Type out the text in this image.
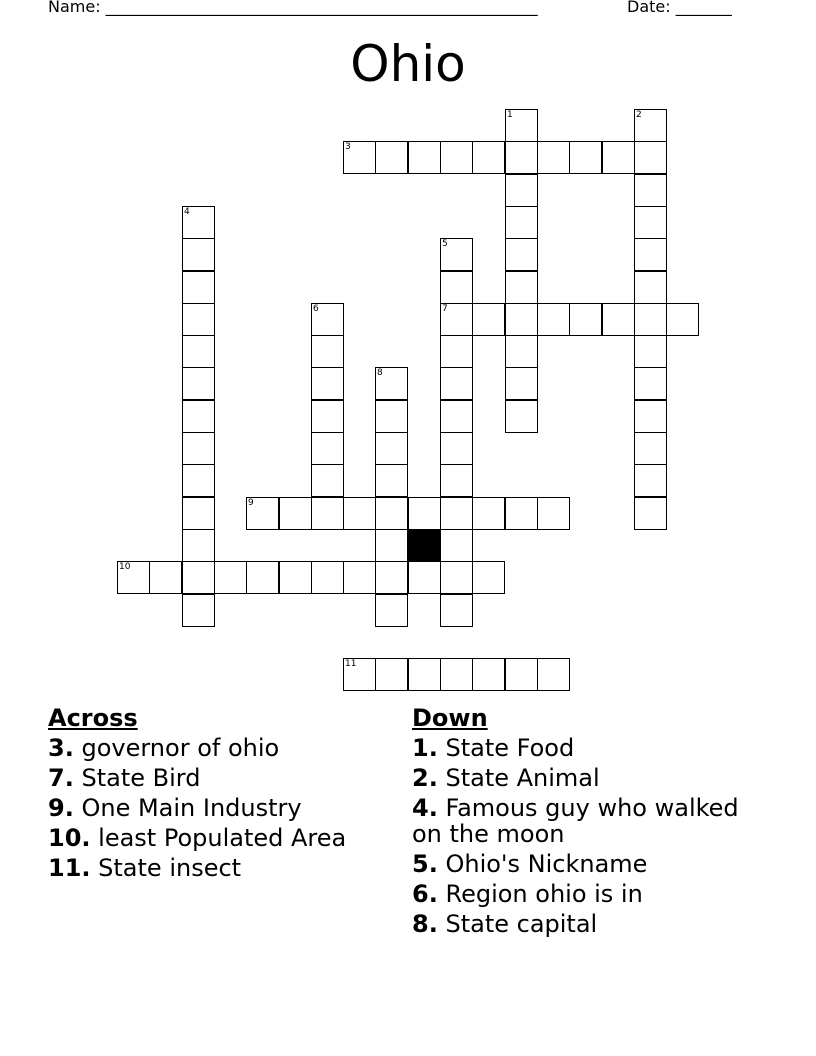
Name: ______________________________________________________	Date: _______
Ohio
1	2
3
4
5
7
6
8
9
10
11
Across
3. governor of ohio
7. State Bird
9. One Main Industry
10. least Populated Area
11. State insect
Down
1. State Food
2. State Animal
4. Famous guy who walked on the moon
5. Ohio's Nickname
6. Region ohio is in
8. State capital
